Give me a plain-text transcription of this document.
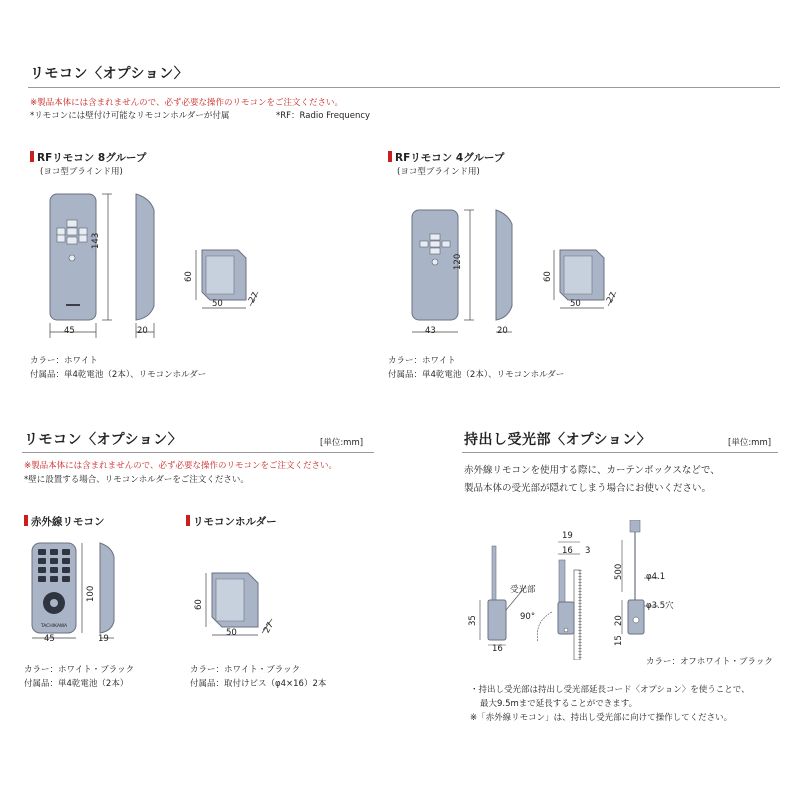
リモコン〈オプション〉
※製品本体には含まれませんので、必ず必要な操作のリモコンをご注文ください。
*リモコンには壁付け可能なリモコンホルダーが付属	*RF：Radio Frequency
RFリモコン 8グループ
(ヨコ型ブラインド用)
143
45	20
60
50	27
カラー：ホワイト
付属品：単4乾電池（2本）、リモコンホルダー
RFリモコン 4グループ
(ヨコ型ブラインド用)
120
43	20
60
50	27
カラー：ホワイト
付属品：単4乾電池（2本）、リモコンホルダー
リモコン〈オプション〉	[単位:mm]
※製品本体には含まれませんので、必ず必要な操作のリモコンをご注文ください。
*壁に設置する場合、リモコンホルダーをご注文ください。
赤外線リモコン	リモコンホルダー
TACHIKAWA
100
45	19
60
50	27
カラー：ホワイト・ブラック
付属品：単4乾電池（2本）
カラー：ホワイト・ブラック
付属品：取付けビス（φ4×16）2本
持出し受光部〈オプション〉	[単位:mm]
赤外線リモコンを使用する際に、カーテンボックスなどで、
製品本体の受光部が隠れてしまう場合にお使いください。
受光部
35
16
19
16 3
90°
500	φ4.1
φ3.5穴
20
15
カラー：オフホワイト・ブラック
・持出し受光部は持出し受光部延長コード〈オプション〉を使うことで、
最大9.5mまで延長することができます。
※「赤外線リモコン」は、持出し受光部に向けて操作してください。
